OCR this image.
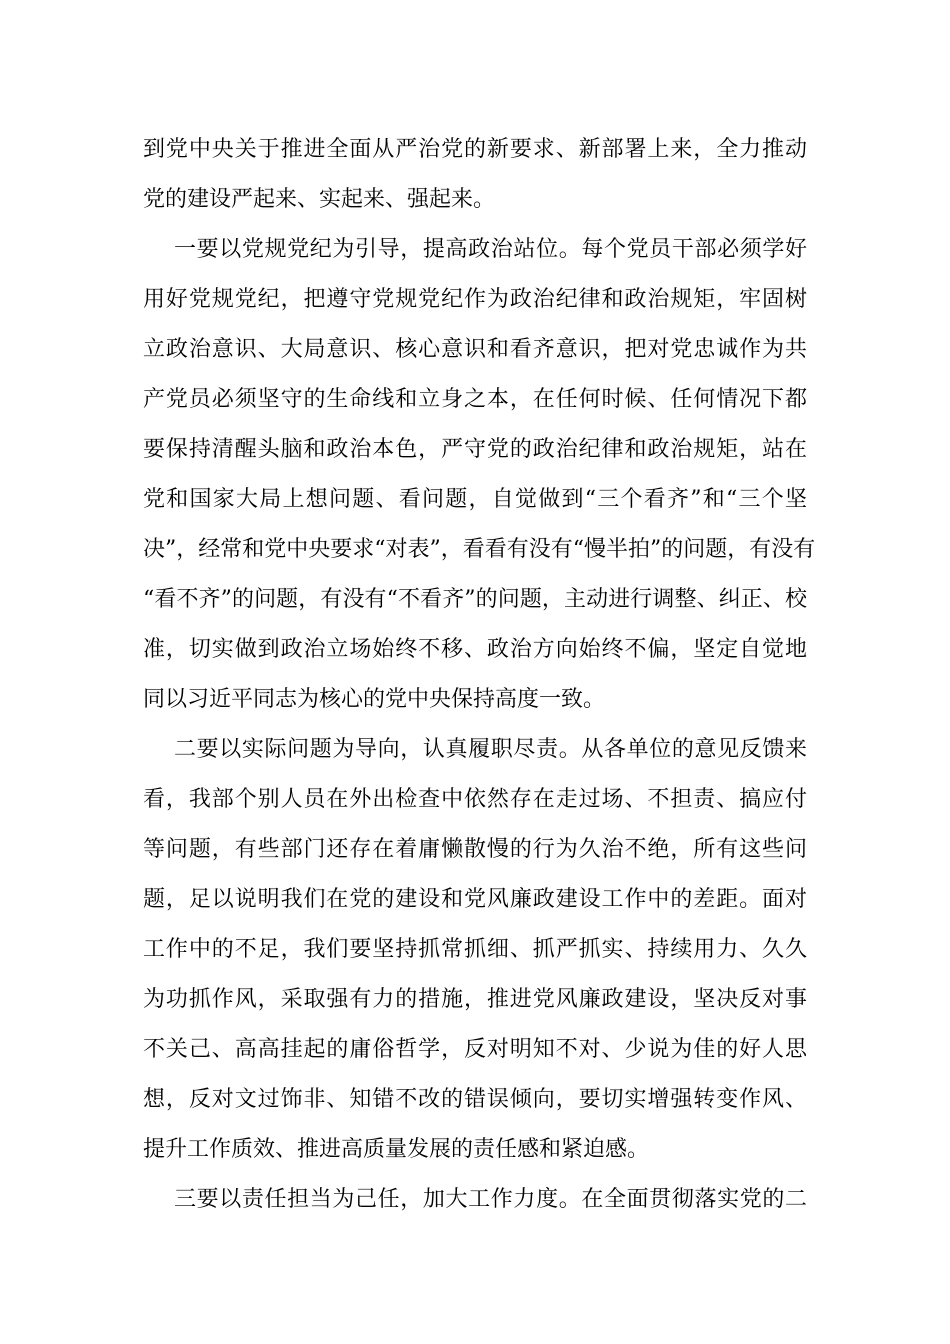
到党中央关于推进全面从严治党的新要求、新部署上来，全力推动
党的建设严起来、实起来、强起来。
一要以党规党纪为引导，提高政治站位。每个党员干部必须学好
用好党规党纪，把遵守党规党纪作为政治纪律和政治规矩，牢固树
立政治意识、大局意识、核心意识和看齐意识，把对党忠诚作为共
产党员必须坚守的生命线和立身之本，在任何时候、任何情况下都
要保持清醒头脑和政治本色，严守党的政治纪律和政治规矩，站在
党和国家大局上想问题、看问题，自觉做到“三个看齐”和“三个坚
决”，经常和党中央要求“对表”，看看有没有“慢半拍”的问题，有没有
“看不齐”的问题，有没有“不看齐”的问题，主动进行调整、纠正、校
准，切实做到政治立场始终不移、政治方向始终不偏，坚定自觉地
同以习近平同志为核心的党中央保持高度一致。
二要以实际问题为导向，认真履职尽责。从各单位的意见反馈来
看，我部个别人员在外出检查中依然存在走过场、不担责、搞应付
等问题，有些部门还存在着庸懒散慢的行为久治不绝，所有这些问
题，足以说明我们在党的建设和党风廉政建设工作中的差距。面对
工作中的不足，我们要坚持抓常抓细、抓严抓实、持续用力、久久
为功抓作风，采取强有力的措施，推进党风廉政建设，坚决反对事
不关己、高高挂起的庸俗哲学，反对明知不对、少说为佳的好人思
想，反对文过饰非、知错不改的错误倾向，要切实增强转变作风、
提升工作质效、推进高质量发展的责任感和紧迫感。
三要以责任担当为己任，加大工作力度。在全面贯彻落实党的二
